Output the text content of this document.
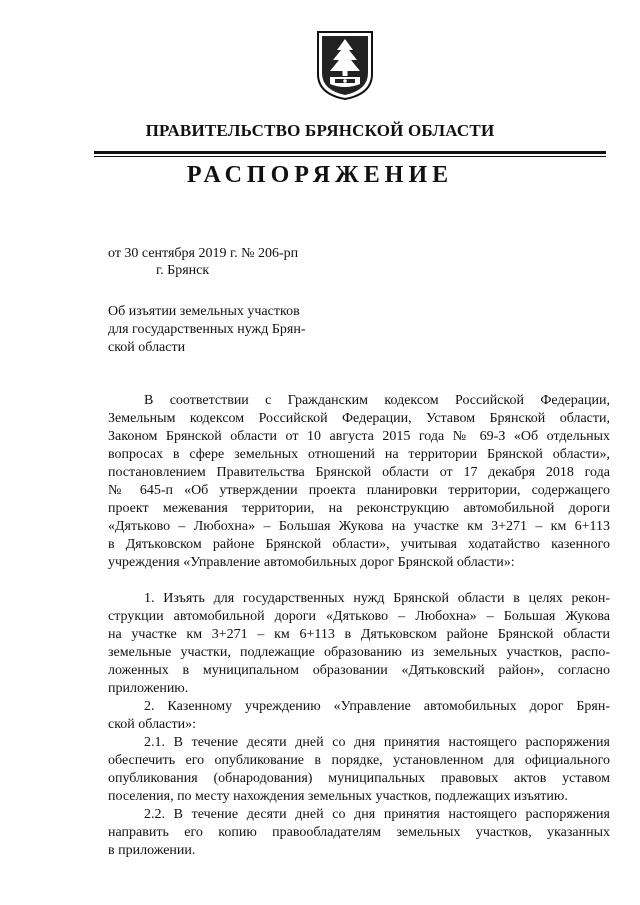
ПРАВИТЕЛЬСТВО БРЯНСКОЙ ОБЛАСТИ
РАСПОРЯЖЕНИЕ
от 30 сентября 2019 г. № 206-рп
г. Брянск
Об изъятии земельных участков
для государственных нужд Брян-
ской области
В соответствии с Гражданским кодексом Российской Федерации,
Земельным кодексом Российской Федерации, Уставом Брянской области,
Законом Брянской области от 10 августа 2015 года № 69-З «Об отдельных
вопросах в сфере земельных отношений на территории Брянской области»,
постановлением Правительства Брянской области от 17 декабря 2018 года
№ 645-п «Об утверждении проекта планировки территории, содержащего
проект межевания территории, на реконструкцию автомобильной дороги
«Дятьково – Любохна» – Большая Жукова на участке км 3+271 – км 6+113
в Дятьковском районе Брянской области», учитывая ходатайство казенного
учреждения «Управление автомобильных дорог Брянской области»:
1. Изъять для государственных нужд Брянской области в целях рекон-
струкции автомобильной дороги «Дятьково – Любохна» – Большая Жукова
на участке км 3+271 – км 6+113 в Дятьковском районе Брянской области
земельные участки, подлежащие образованию из земельных участков, распо-
ложенных в муниципальном образовании «Дятьковский район», согласно
приложению.
2. Казенному учреждению «Управление автомобильных дорог Брян-
ской области»:
2.1. В течение десяти дней со дня принятия настоящего распоряжения
обеспечить его опубликование в порядке, установленном для официального
опубликования (обнародования) муниципальных правовых актов уставом
поселения, по месту нахождения земельных участков, подлежащих изъятию.
2.2. В течение десяти дней со дня принятия настоящего распоряжения
направить его копию правообладателям земельных участков, указанных
в приложении.
